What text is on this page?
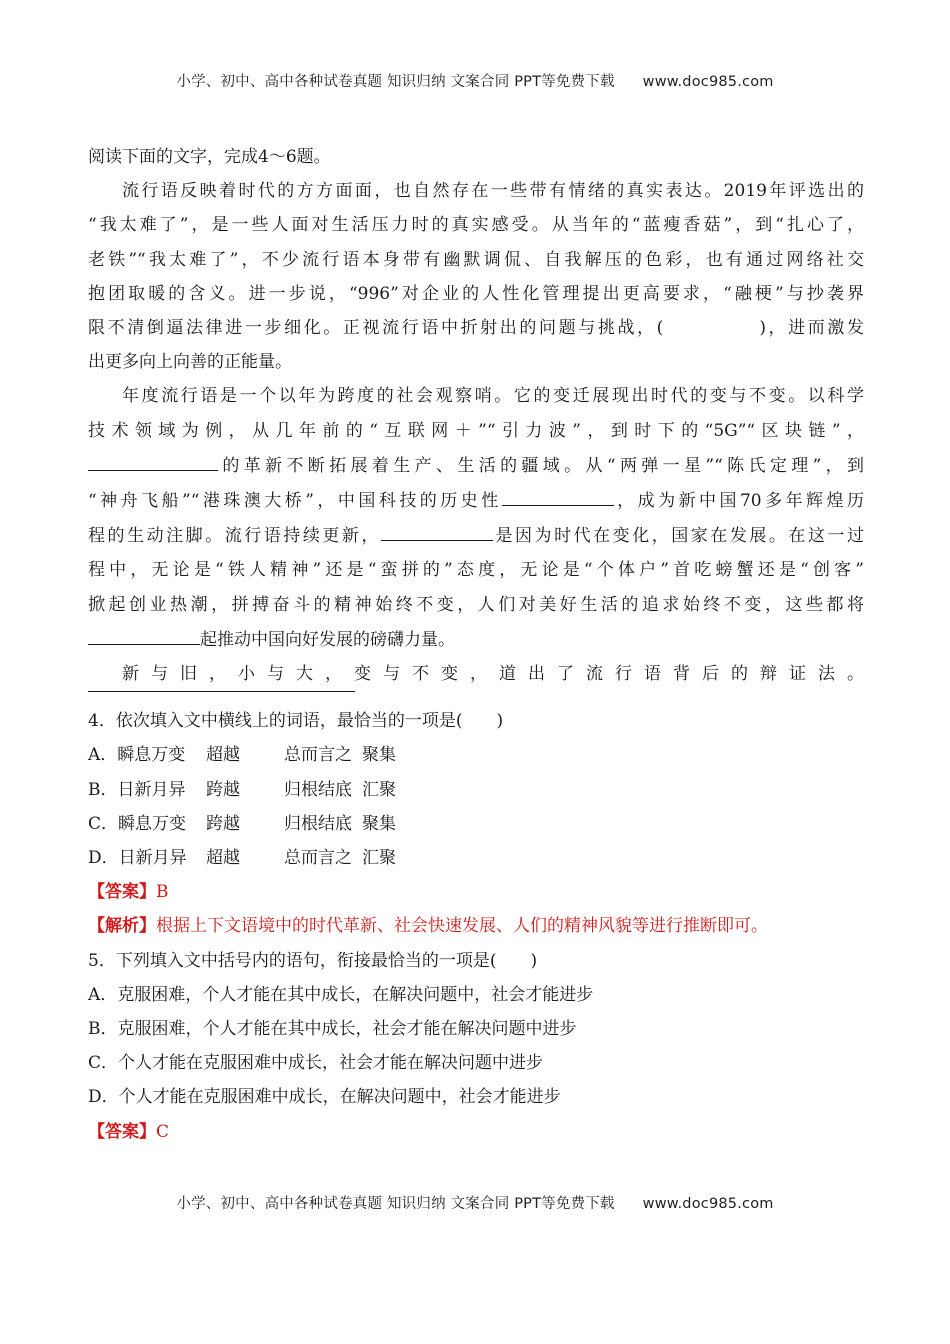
小学、初中、高中各种试卷真题 知识归纳 文案合同 PPT等免费下载 www.doc985.com

阅读下面的文字，完成4～6题。

流行语反映着时代的方方面面，也自然存在一些带有情绪的真实表达。2019年评选出的

“我太难了”，是一些人面对生活压力时的真实感受。从当年的“蓝瘦香菇”，到“扎心了，

老铁”“我太难了”，不少流行语本身带有幽默调侃、自我解压的色彩，也有通过网络社交

抱团取暖的含义。进一步说，“996”对企业的人性化管理提出更高要求，“融梗”与抄袭界

限不清倒逼法律进一步细化。正视流行语中折射出的问题与挑战，(	)，进而激发

出更多向上向善的正能量。

年度流行语是一个以年为跨度的社会观察哨。它的变迁展现出时代的变与不变。以科学

技术领域为例，从几年前的“互联网＋”“引力波”，到时下的“5G”“区块链”，

的革新不断拓展着生产、生活的疆域。从“两弹一星”“陈氏定理”，到

“神舟飞船”“港珠澳大桥”，中国科技的历史性	，成为新中国70多年辉煌历

程的生动注脚。流行语持续更新，	是因为时代在变化，国家在发展。在这一过

程中，无论是“铁人精神”还是“蛮拼的”态度，无论是“个体户”首吃螃蟹还是“创客”

掀起创业热潮，拼搏奋斗的精神始终不变，人们对美好生活的追求始终不变，这些都将

起推动中国向好发展的磅礴力量。

新与旧，小与大，变与不变，道出了流行语背后的辩证法。

4．依次填入文中横线上的词语，最恰当的一项是(　　)

A．瞬息万变 超越	总而言之 聚集

B．日新月异 跨越	归根结底 汇聚

C．瞬息万变 跨越	归根结底 聚集

D．日新月异 超越	总而言之 汇聚

【答案】B

【解析】根据上下文语境中的时代革新、社会快速发展、人们的精神风貌等进行推断即可。

5．下列填入文中括号内的语句，衔接最恰当的一项是(　　)

A．克服困难，个人才能在其中成长，在解决问题中，社会才能进步

B．克服困难，个人才能在其中成长，社会才能在解决问题中进步

C．个人才能在克服困难中成长，社会才能在解决问题中进步

D．个人才能在克服困难中成长，在解决问题中，社会才能进步

【答案】C

小学、初中、高中各种试卷真题 知识归纳 文案合同 PPT等免费下载 www.doc985.com
